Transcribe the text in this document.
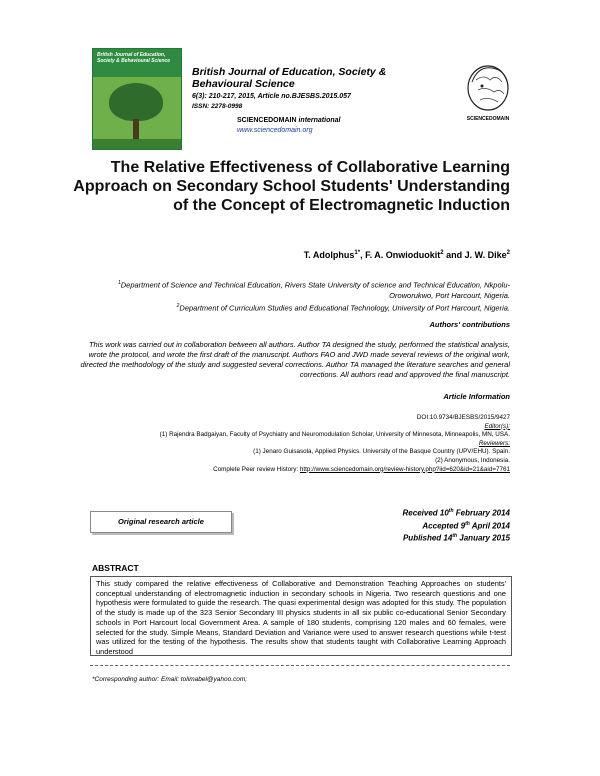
British Journal of Education, Society & Behavioural Science
British Journal of Education, Society & Behavioural Science
6(3): 210-217, 2015, Article no.BJESBS.2015.057
ISSN: 2278-0998
SCIENCEDOMAIN international
www.sciencedomain.org
SCIENCEDOMAIN
The Relative Effectiveness of Collaborative Learning Approach on Secondary School Students' Understanding of the Concept of Electromagnetic Induction
T. Adolphus$^{1*}$, F. A. Onwioduokit$^2$ and J. W. Dike$^2$
$^1$Department of Science and Technical Education, Rivers State University of science and Technical Education, Nkpolu-Oroworukwo, Port Harcourt, Nigeria.
$^2$Department of Curriculum Studies and Educational Technology, University of Port Harcourt, Nigeria.
Authors' contributions
This work was carried out in collaboration between all authors. Author TA designed the study, performed the statistical analysis, wrote the protocol, and wrote the first draft of the manuscript. Authors FAO and JWD made several reviews of the original work, directed the methodology of the study and suggested several corrections. Author TA managed the literature searches and general corrections. All authors read and approved the final manuscript.
Article Information
DOI:10.9734/BJESBS/2015/9427
Editor(s):
(1) Rajendra Badgaiyan, Faculty of Psychiatry and Neuromodulation Scholar, University of Minnesota, Minneapolis, MN, USA.
Reviewers:
(1) Jenaro Guisasola, Applied Physics. University of the Basque Country (UPV/EHU). Spain.
(2) Anonymous, Indonesia.
Complete Peer review History: http://www.sciencedomain.org/review-history.php?iid=620&id=21&aid=7761
Original research article
Received 10th February 2014
Accepted 9th April 2014
Published 14th January 2015
ABSTRACT
This study compared the relative effectiveness of Collaborative and Demonstration Teaching Approaches on students' conceptual understanding of electromagnetic induction in secondary schools in Nigeria. Two research questions and one hypothesis were formulated to guide the research. The quasi experimental design was adopted for this study. The population of the study is made up of the 323 Senior Secondary III physics students in all six public co-educational Senior Secondary schools in Port Harcourt local Government Area. A sample of 180 students, comprising 120 males and 60 females, were selected for the study. Simple Means, Standard Deviation and Variance were used to answer research questions while t-test was utilized for the testing of the hypothesis. The results show that students taught with Collaborative Learning Approach understood
*Corresponding author: Email: tolimabel@yahoo.com;
